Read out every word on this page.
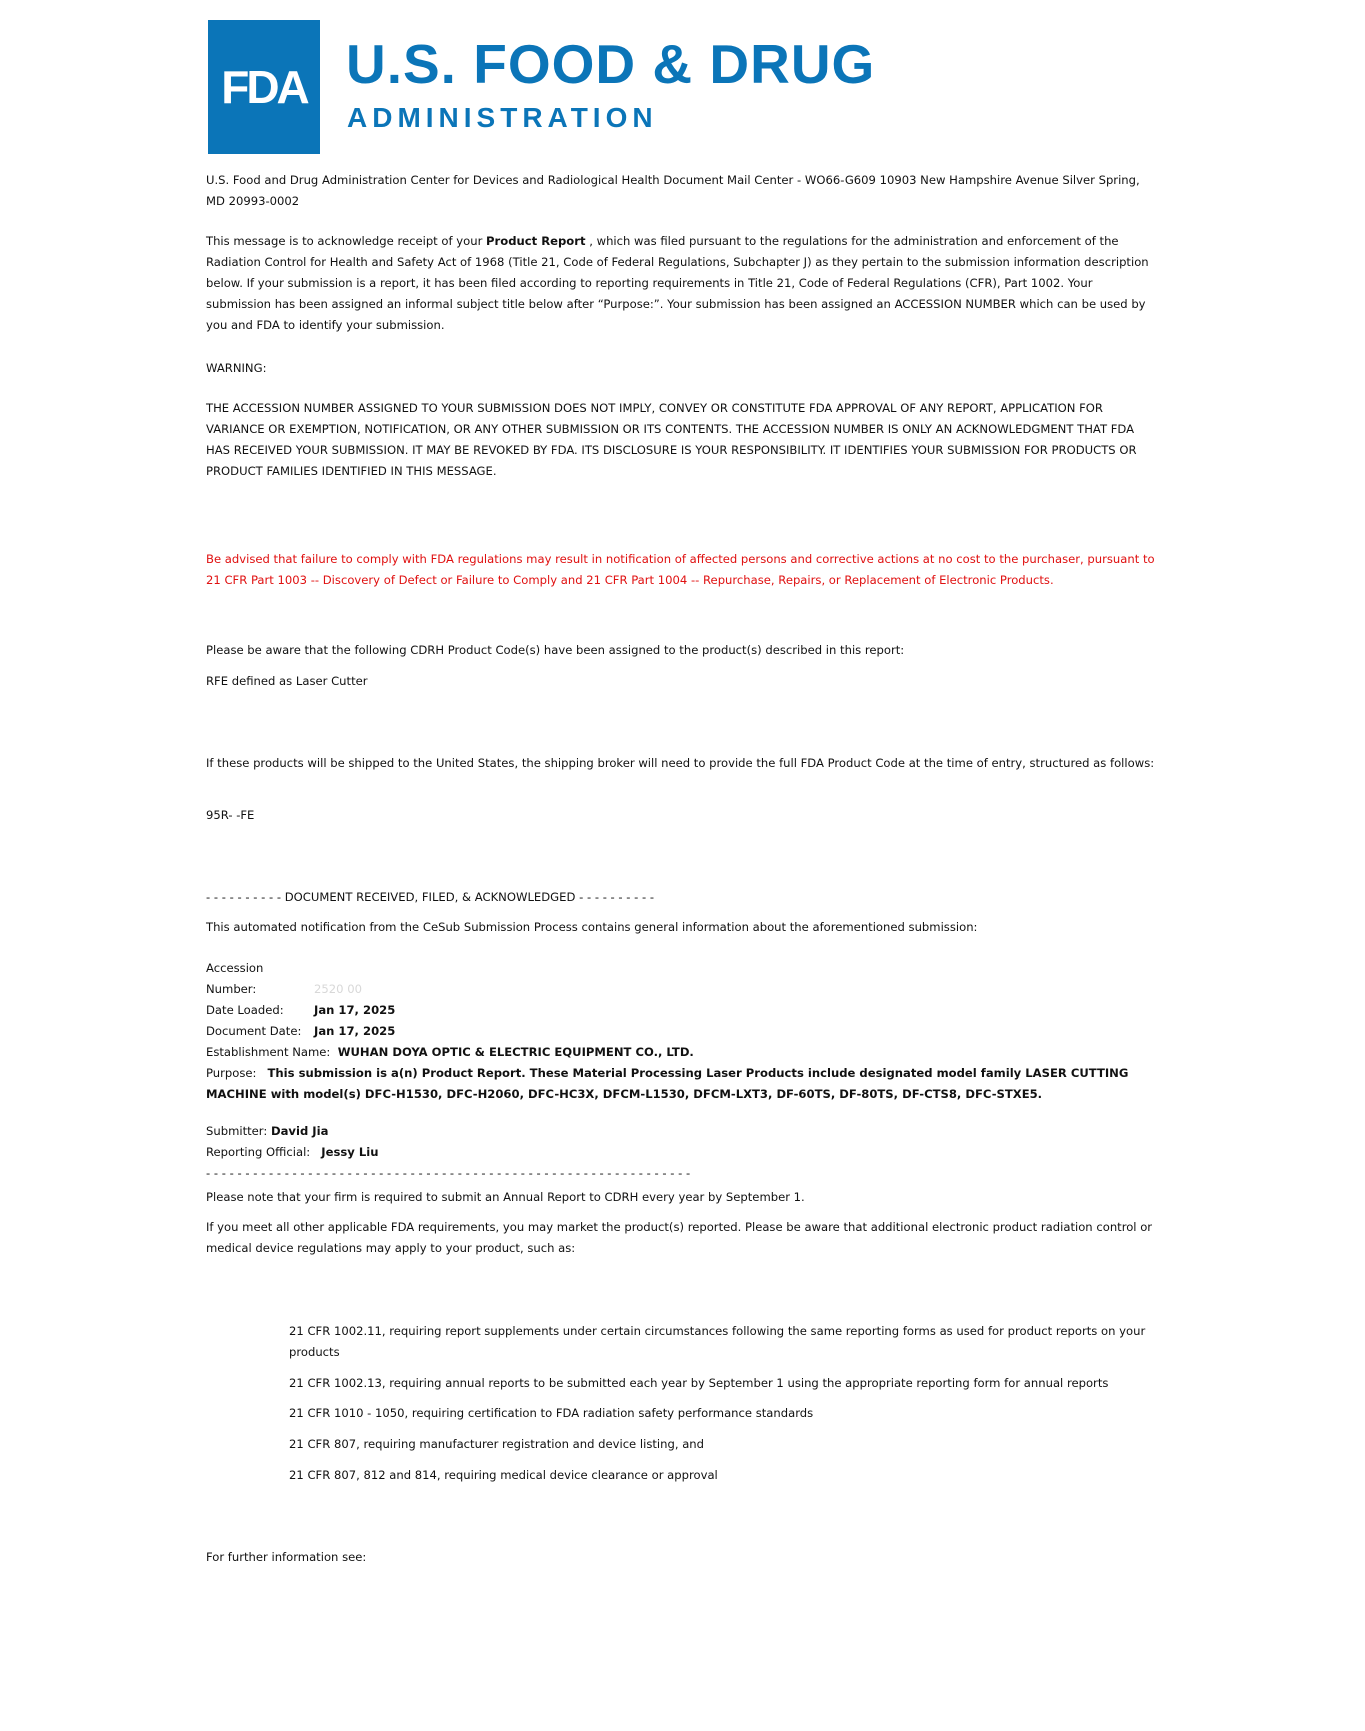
FDA U.S. FOOD & DRUG
ADMINISTRATION
U.S. Food and Drug Administration Center for Devices and Radiological Health Document Mail Center - WO66-G609 10903 New Hampshire Avenue Silver Spring, MD 20993-0002
This message is to acknowledge receipt of your Product Report , which was filed pursuant to the regulations for the administration and enforcement of the Radiation Control for Health and Safety Act of 1968 (Title 21, Code of Federal Regulations, Subchapter J) as they pertain to the submission information description below. If your submission is a report, it has been filed according to reporting requirements in Title 21, Code of Federal Regulations (CFR), Part 1002. Your submission has been assigned an informal subject title below after “Purpose:”. Your submission has been assigned an ACCESSION NUMBER which can be used by you and FDA to identify your submission.
WARNING:
THE ACCESSION NUMBER ASSIGNED TO YOUR SUBMISSION DOES NOT IMPLY, CONVEY OR CONSTITUTE FDA APPROVAL OF ANY REPORT, APPLICATION FOR VARIANCE OR EXEMPTION, NOTIFICATION, OR ANY OTHER SUBMISSION OR ITS CONTENTS. THE ACCESSION NUMBER IS ONLY AN ACKNOWLEDGMENT THAT FDA HAS RECEIVED YOUR SUBMISSION. IT MAY BE REVOKED BY FDA. ITS DISCLOSURE IS YOUR RESPONSIBILITY. IT IDENTIFIES YOUR SUBMISSION FOR PRODUCTS OR PRODUCT FAMILIES IDENTIFIED IN THIS MESSAGE.
Be advised that failure to comply with FDA regulations may result in notification of affected persons and corrective actions at no cost to the purchaser, pursuant to 21 CFR Part 1003 -- Discovery of Defect or Failure to Comply and 21 CFR Part 1004 -- Repurchase, Repairs, or Replacement of Electronic Products.
Please be aware that the following CDRH Product Code(s) have been assigned to the product(s) described in this report:
RFE defined as Laser Cutter
If these products will be shipped to the United States, the shipping broker will need to provide the full FDA Product Code at the time of entry, structured as follows:
95R- -FE
- - - - - - - - - - DOCUMENT RECEIVED, FILED, & ACKNOWLEDGED - - - - - - - - - -
This automated notification from the CeSub Submission Process contains general information about the aforementioned submission:
Accession Number:	2520 00
Date Loaded:	Jan 17, 2025
Document Date: Jan 17, 2025
Establishment Name: WUHAN DOYA OPTIC & ELECTRIC EQUIPMENT CO., LTD.
Purpose: This submission is a(n) Product Report. These Material Processing Laser Products include designated model family LASER CUTTING MACHINE with model(s) DFC-H1530, DFC-H2060, DFC-HC3X, DFCM-L1530, DFCM-LXT3, DF-60TS, DF-80TS, DF-CTS8, DFC-STXE5.
Submitter: David Jia
Reporting Official: Jessy Liu
- - - - - - - - - - - - - - - - - - - - - - - - - - - - - - - - - - - - - - - - - - - - - - - - - - - - - - - - - - - - - -
Please note that your firm is required to submit an Annual Report to CDRH every year by September 1.
If you meet all other applicable FDA requirements, you may market the product(s) reported. Please be aware that additional electronic product radiation control or medical device regulations may apply to your product, such as:
21 CFR 1002.11, requiring report supplements under certain circumstances following the same reporting forms as used for product reports on your products
21 CFR 1002.13, requiring annual reports to be submitted each year by September 1 using the appropriate reporting form for annual reports
21 CFR 1010 - 1050, requiring certification to FDA radiation safety performance standards
21 CFR 807, requiring manufacturer registration and device listing, and
21 CFR 807, 812 and 814, requiring medical device clearance or approval
For further information see:
